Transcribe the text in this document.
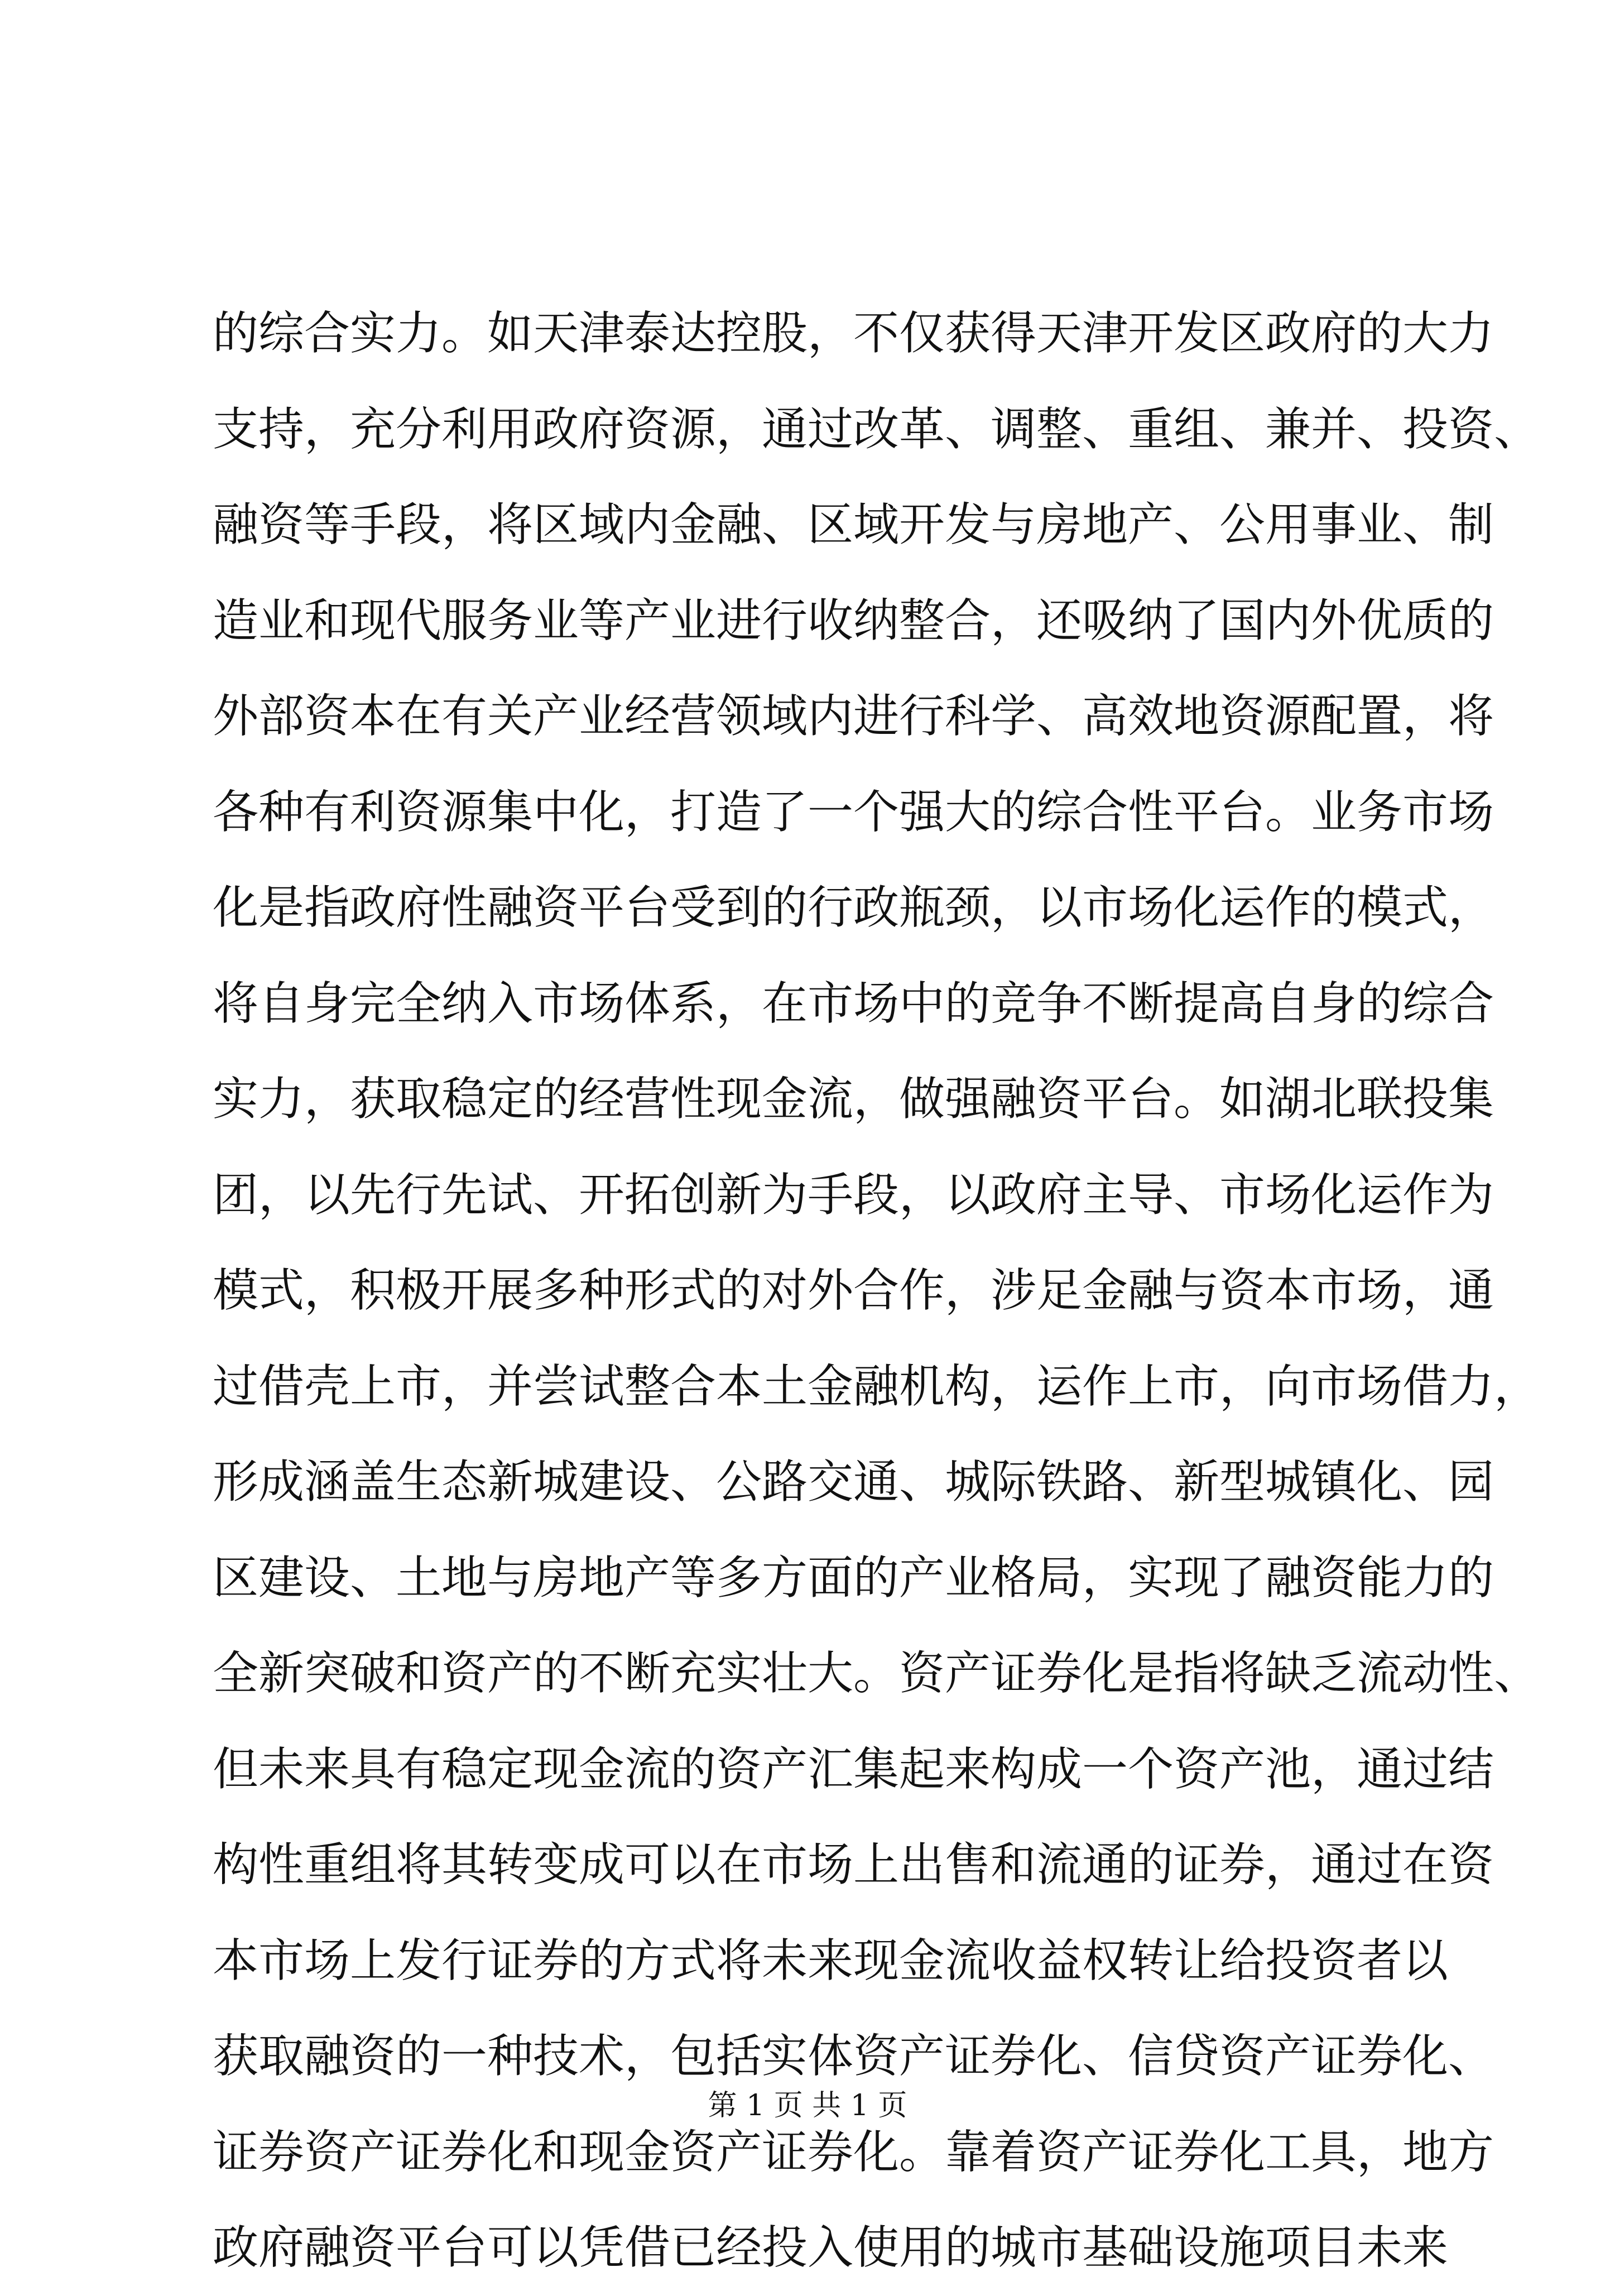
的综合实力。如天津泰达控股，不仅获得天津开发区政府的大力
支持，充分利用政府资源，通过改革、调整、重组、兼并、投资、
融资等手段，将区域内金融、区域开发与房地产、公用事业、制
造业和现代服务业等产业进行收纳整合，还吸纳了国内外优质的
外部资本在有关产业经营领域内进行科学、高效地资源配置，将
各种有利资源集中化，打造了一个强大的综合性平台。业务市场
化是指政府性融资平台受到的行政瓶颈，以市场化运作的模式，
将自身完全纳入市场体系，在市场中的竞争不断提高自身的综合
实力，获取稳定的经营性现金流，做强融资平台。如湖北联投集
团，以先行先试、开拓创新为手段，以政府主导、市场化运作为
模式，积极开展多种形式的对外合作，涉足金融与资本市场，通
过借壳上市，并尝试整合本土金融机构，运作上市，向市场借力，
形成涵盖生态新城建设、公路交通、城际铁路、新型城镇化、园
区建设、土地与房地产等多方面的产业格局，实现了融资能力的
全新突破和资产的不断充实壮大。资产证券化是指将缺乏流动性、
但未来具有稳定现金流的资产汇集起来构成一个资产池，通过结
构性重组将其转变成可以在市场上出售和流通的证券，通过在资
本市场上发行证券的方式将未来现金流收益权转让给投资者以
获取融资的一种技术，包括实体资产证券化、信贷资产证券化、
证券资产证券化和现金资产证券化。靠着资产证券化工具，地方
政府融资平台可以凭借已经投入使用的城市基础设施项目未来
第 1 页 共 1 页
